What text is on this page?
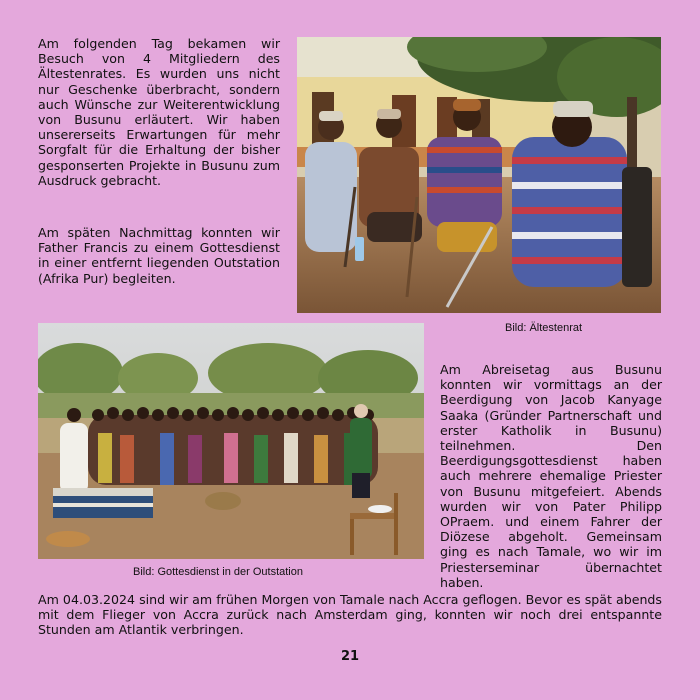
Am folgenden Tag bekamen wir Besuch von 4 Mitgliedern des Ältestenrates. Es wurden uns nicht nur Geschenke überbracht, sondern auch Wünsche zur Weiterentwicklung von Busunu erläutert. Wir haben unsererseits Erwartungen für mehr Sorgfalt für die Erhaltung der bisher gesponserten Projekte in Busunu zum Ausdruck gebracht.

Am späten Nachmittag konnten wir Father Francis zu einem Gottesdienst in einer entfernt liegenden Outstation (Afrika Pur) begleiten.

Bild: Ältestenrat
Bild: Gottesdienst in der Outstation

Am Abreisetag aus Busunu konnten wir vormittags an der Beerdigung von Jacob Kanyage Saaka (Gründer Partnerschaft und erster Katholik in Busunu) teilnehmen. Den Beerdigungsgottesdienst haben auch mehrere ehemalige Priester von Busunu mitgefeiert. Abends wurden wir von Pater Philipp OPraem. und einem Fahrer der Diözese abgeholt. Gemeinsam ging es nach Tamale, wo wir im Priesterseminar übernachtet haben.

Am 04.03.2024 sind wir am frühen Morgen von Tamale nach Accra geflogen. Bevor es spät abends mit dem Flieger von Accra zurück nach Amsterdam ging, konnten wir noch drei entspannte Stunden am Atlantik verbringen.

21
